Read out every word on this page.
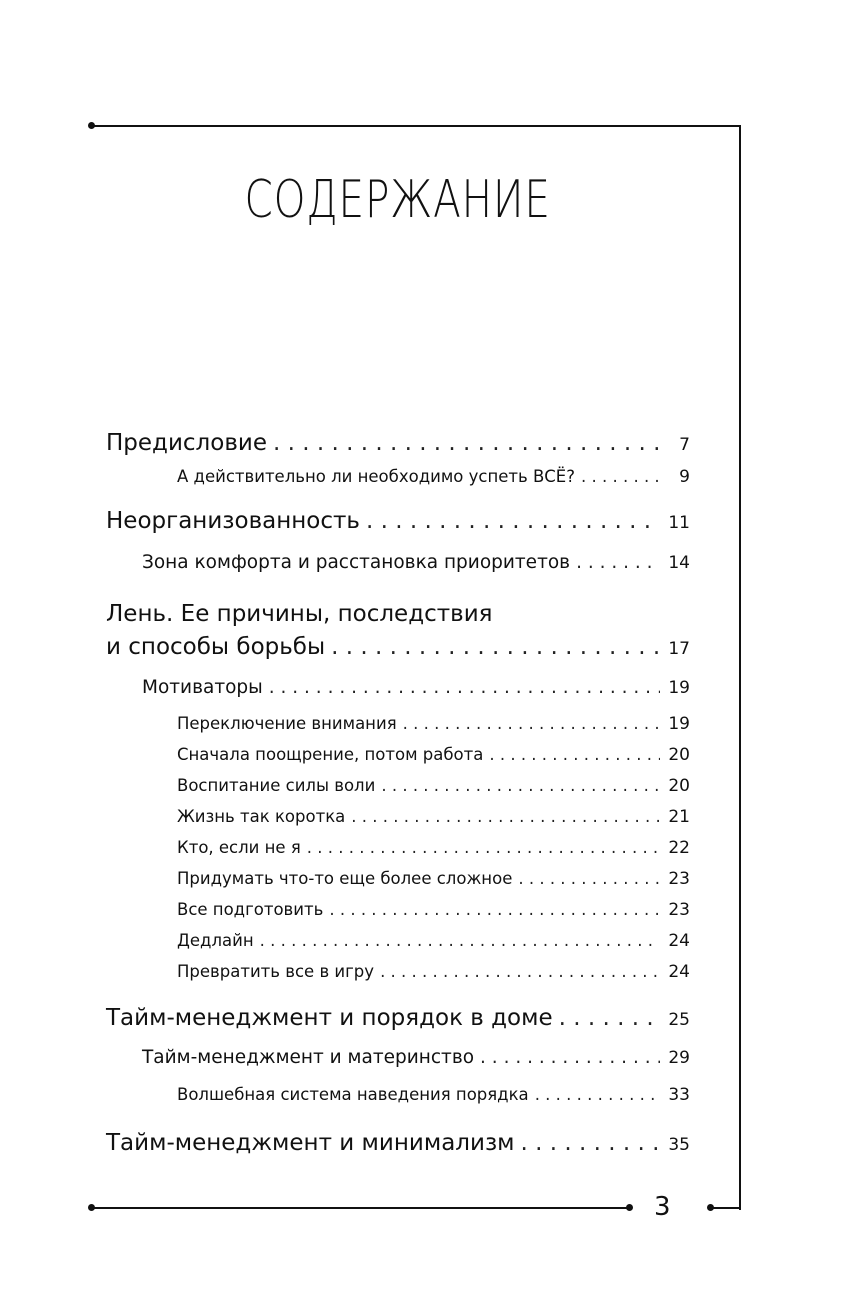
3
СОДЕРЖАНИЕ
Предисловие . . .	7
А действительно ли необходимо успеть ВСЁ? . . .	9
Неорганизованность . . .	11
Зона комфорта и расстановка приоритетов . . .	14
Лень. Ее причины, последствия
и способы борьбы . . .	17
Мотиваторы . . .	19
Переключение внимания . . .	19
Сначала поощрение, потом работа . . .	20
Воспитание силы воли . . .	20
Жизнь так коротка . . .	21
Кто, если не я . . .	22
Придумать что-то еще более сложное . . .	23
Все подготовить . . .	23
Дедлайн . . .	24
Превратить все в игру . . .	24
Тайм-менеджмент и порядок в доме . . .	25
Тайм-менеджмент и материнство . . .	29
Волшебная система наведения порядка . . .	33
Тайм-менеджмент и минимализм . . .	35
